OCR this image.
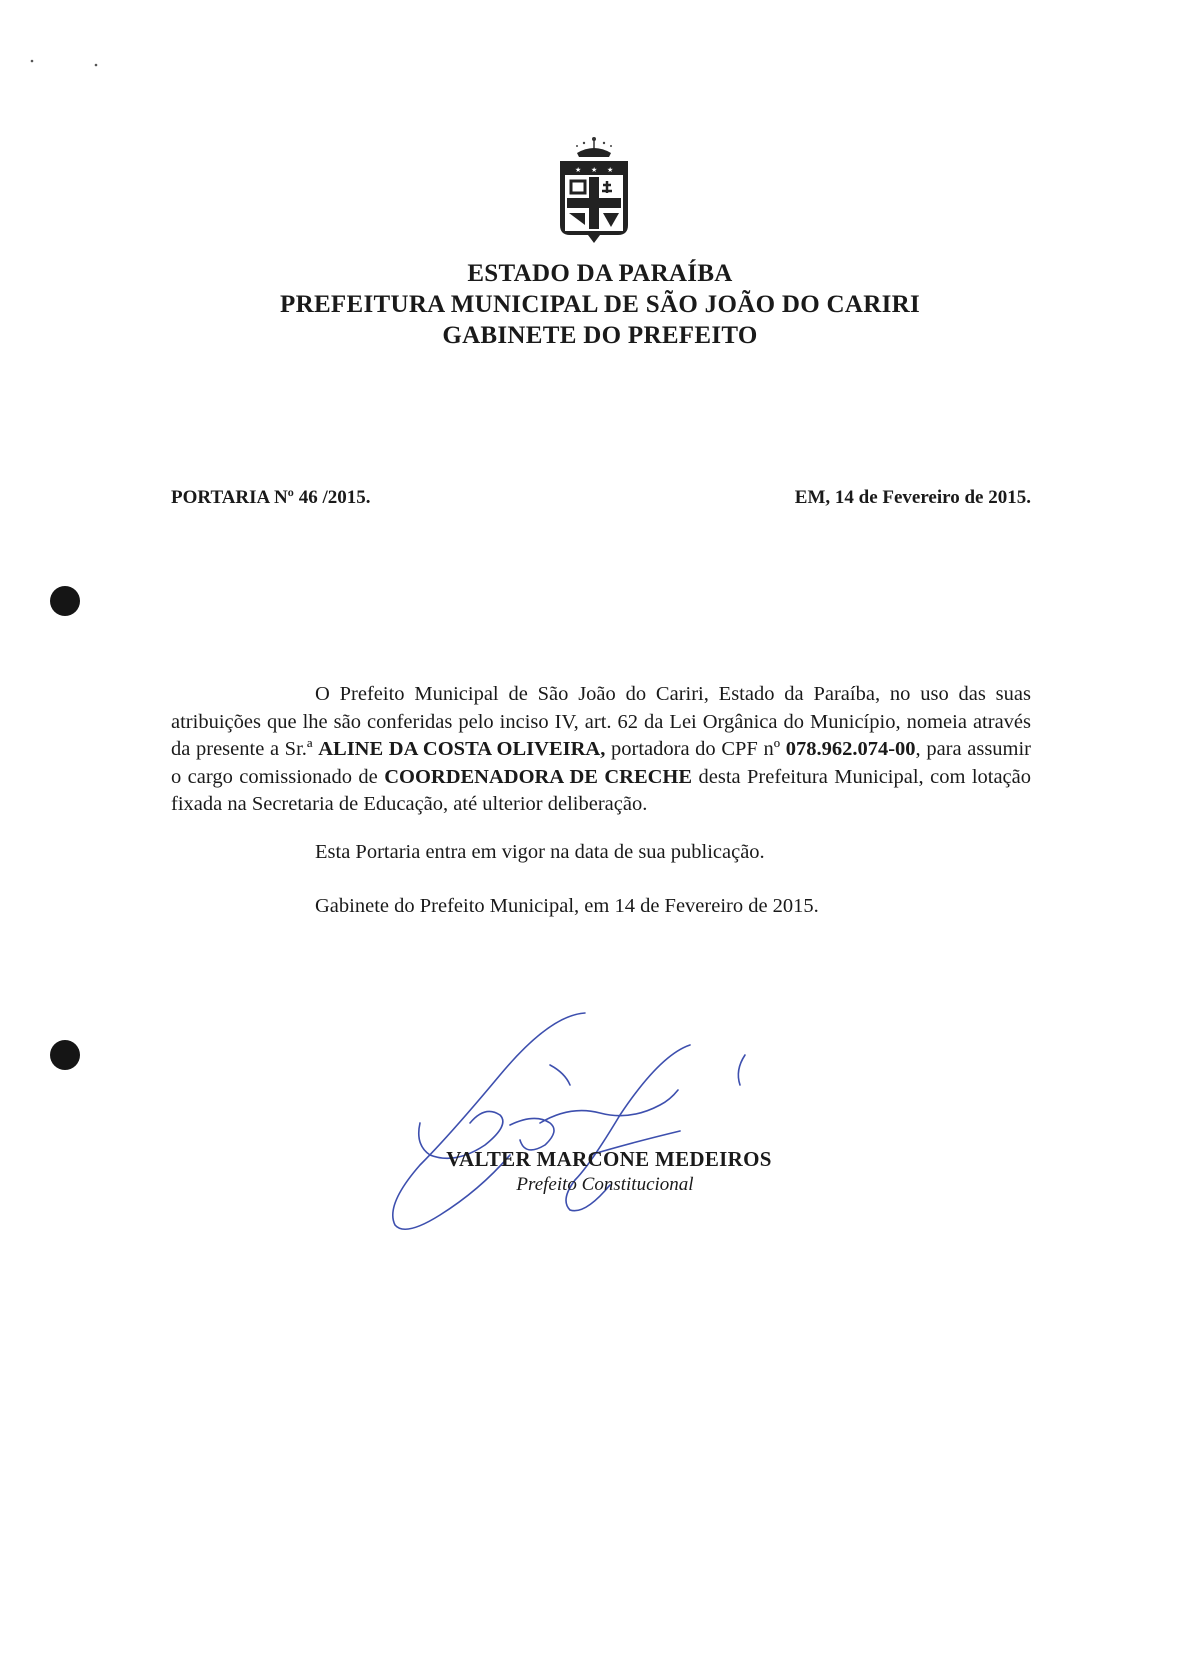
★ ★ ★
ESTADO DA PARAÍBA
PREFEITURA MUNICIPAL DE SÃO JOÃO DO CARIRI
GABINETE DO PREFEITO
PORTARIA Nº 46 /2015.	EM, 14 de Fevereiro de 2015.

O Prefeito Municipal de São João do Cariri, Estado da Paraíba, no uso das suas atribuições que lhe são conferidas pelo inciso IV, art. 62 da Lei Orgânica do Município, nomeia através da presente a Sr.ª ALINE DA COSTA OLIVEIRA, portadora do CPF nº 078.962.074-00, para assumir o cargo comissionado de COORDENADORA DE CRECHE desta Prefeitura Municipal, com lotação fixada na Secretaria de Educação, até ulterior deliberação.

Esta Portaria entra em vigor na data de sua publicação.

Gabinete do Prefeito Municipal, em 14 de Fevereiro de 2015.

VALTER MARCONE MEDEIROS
Prefeito Constitucional
